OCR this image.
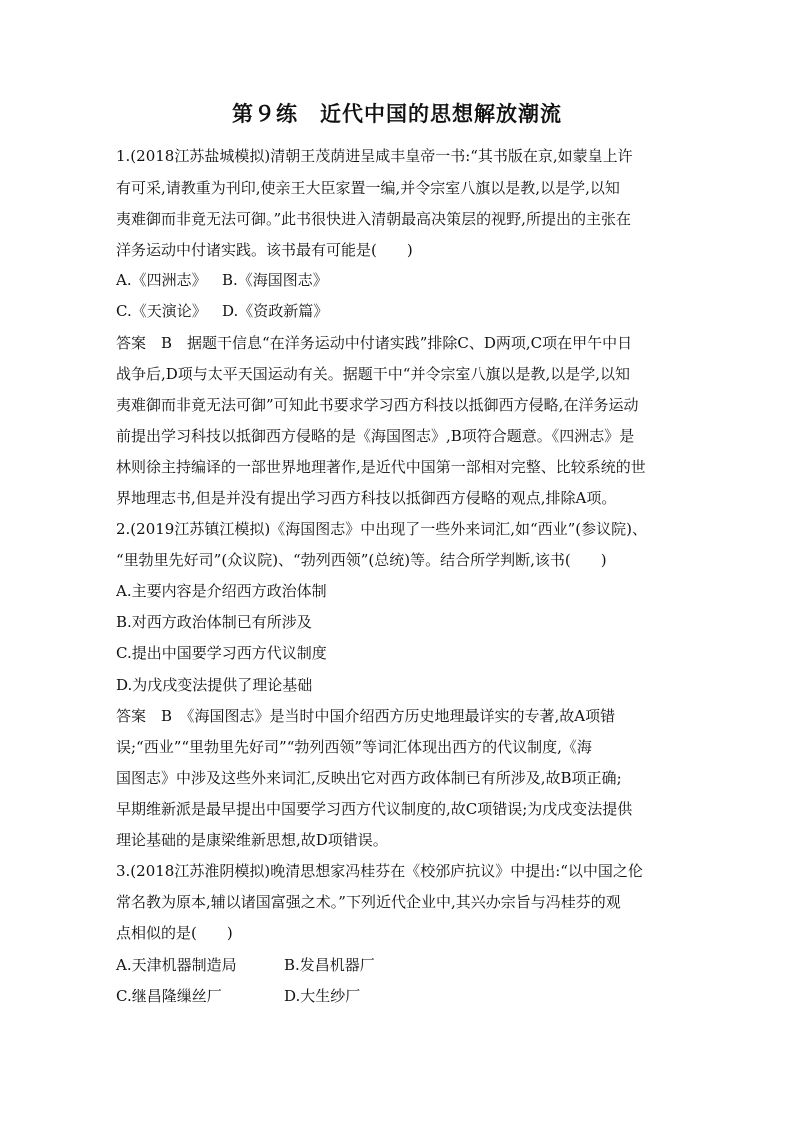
第９练 近代中国的思想解放潮流
1.(2018江苏盐城模拟)清朝王茂荫进呈咸丰皇帝一书:“其书版在京,如蒙皇上许
有可采,请教重为刊印,使亲王大臣家置一编,并令宗室八旗以是教,以是学,以知
夷难御而非竟无法可御。”此书很快进入清朝最高决策层的视野,所提出的主张在
洋务运动中付诸实践。该书最有可能是(　　)
A.《四洲志》 B.《海国图志》
C.《天演论》 D.《资政新篇》
答案　B　据题干信息“在洋务运动中付诸实践”排除C、D两项,C项在甲午中日
战争后,D项与太平天国运动有关。据题干中“并令宗室八旗以是教,以是学,以知
夷难御而非竟无法可御”可知此书要求学习西方科技以抵御西方侵略,在洋务运动
前提出学习科技以抵御西方侵略的是《海国图志》,B项符合题意。《四洲志》是
林则徐主持编译的一部世界地理著作,是近代中国第一部相对完整、比较系统的世
界地理志书,但是并没有提出学习西方科技以抵御西方侵略的观点,排除A项。
2.(2019江苏镇江模拟)《海国图志》中出现了一些外来词汇,如“西业”(参议院)、
“里勃里先好司”(众议院)、“勃列西领”(总统)等。结合所学判断,该书(　　)
A.主要内容是介绍西方政治体制
B.对西方政治体制已有所涉及
C.提出中国要学习西方代议制度
D.为戊戌变法提供了理论基础
答案　B　《海国图志》是当时中国介绍西方历史地理最详实的专著,故A项错
误;“西业”“里勃里先好司”“勃列西领”等词汇体现出西方的代议制度,《海
国图志》中涉及这些外来词汇,反映出它对西方政体制已有所涉及,故B项正确;
早期维新派是最早提出中国要学习西方代议制度的,故C项错误;为戊戌变法提供
理论基础的是康梁维新思想,故D项错误。
3.(2018江苏淮阴模拟)晚清思想家冯桂芬在《校邠庐抗议》中提出:“以中国之伦
常名教为原本,辅以诸国富强之术。”下列近代企业中,其兴办宗旨与冯桂芬的观
点相似的是(　　)
A.天津机器制造局	B.发昌机器厂
C.继昌隆缫丝厂	D.大生纱厂
